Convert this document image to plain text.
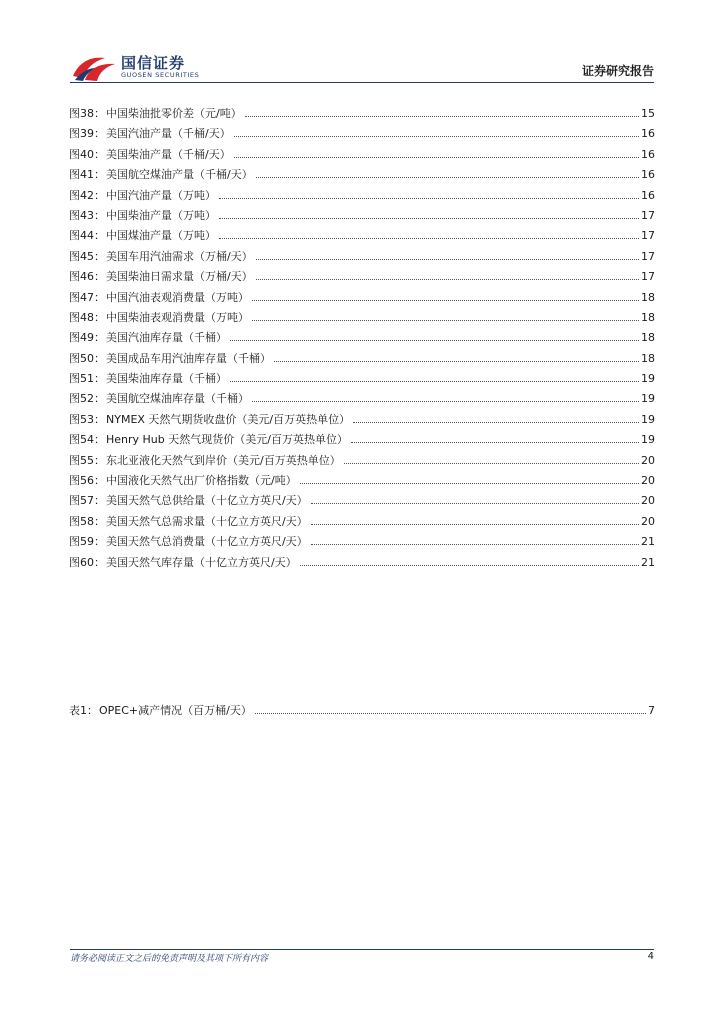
国信证券
GUOSEN SECURITIES	证券研究报告
图38： 中国柴油批零价差（元/吨）	15
图39： 美国汽油产量（千桶/天）	16
图40： 美国柴油产量（千桶/天）	16
图41： 美国航空煤油产量（千桶/天）	16
图42： 中国汽油产量（万吨）	16
图43： 中国柴油产量（万吨）	17
图44： 中国煤油产量（万吨）	17
图45： 美国车用汽油需求（万桶/天）	17
图46： 美国柴油日需求量（万桶/天）	17
图47： 中国汽油表观消费量（万吨）	18
图48： 中国柴油表观消费量（万吨）	18
图49： 美国汽油库存量（千桶）	18
图50： 美国成品车用汽油库存量（千桶）	18
图51： 美国柴油库存量（千桶）	19
图52： 美国航空煤油库存量（千桶）	19
图53： NYMEX 天然气期货收盘价（美元/百万英热单位）	19
图54： Henry Hub 天然气现货价（美元/百万英热单位）	19
图55： 东北亚液化天然气到岸价（美元/百万英热单位）	20
图56： 中国液化天然气出厂价格指数（元/吨）	20
图57： 美国天然气总供给量（十亿立方英尺/天）	20
图58： 美国天然气总需求量（十亿立方英尺/天）	20
图59： 美国天然气总消费量（十亿立方英尺/天）	21
图60： 美国天然气库存量（十亿立方英尺/天）	21
表1： OPEC+减产情况（百万桶/天）	7
请务必阅读正文之后的免责声明及其项下所有内容	4
